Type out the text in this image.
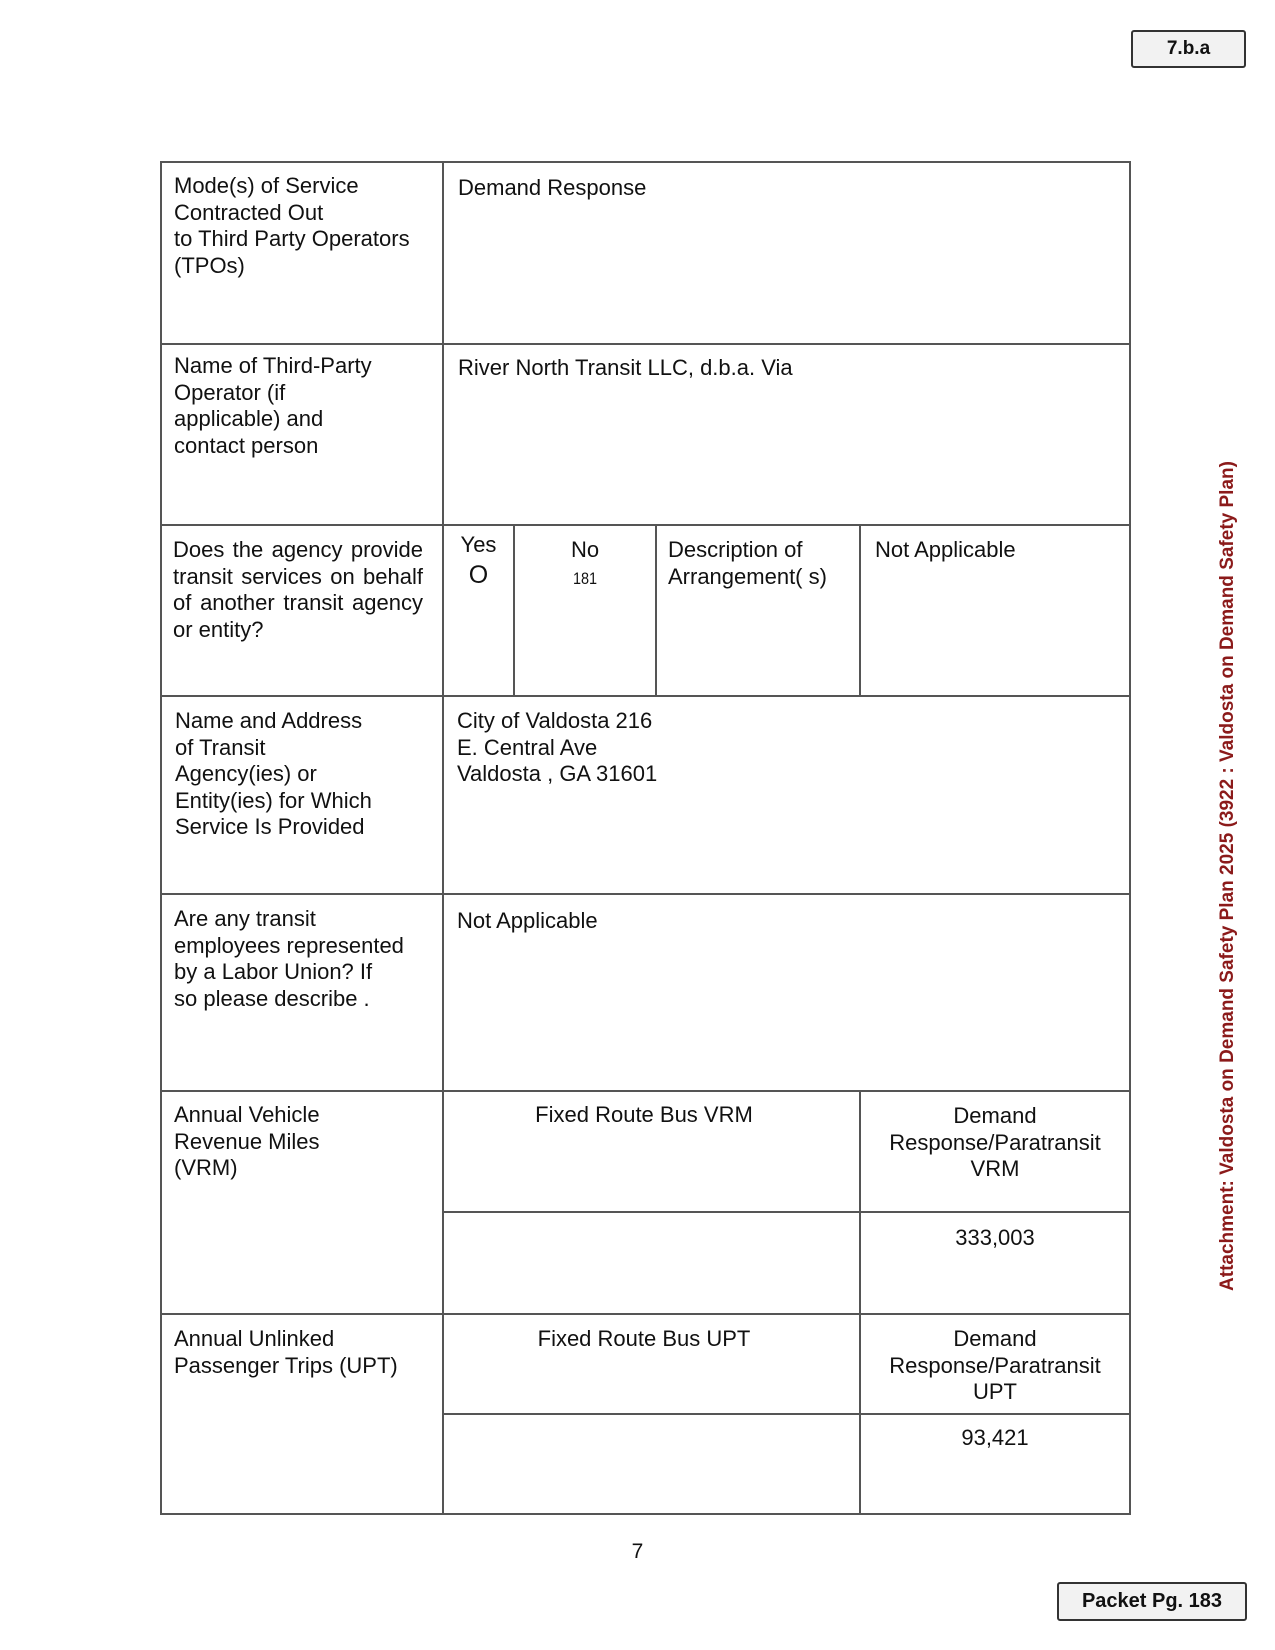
7.b.a
Attachment: Valdosta on Demand Safety Plan 2025 (3922 : Valdosta on Demand Safety Plan)
Mode(s) of Service
Contracted Out
to Third Party Operators
(TPOs)
Demand Response
Name of Third-Party
Operator (if
applicable) and
contact person
River North Transit LLC, d.b.a. Via
Does the agency provide transit services on behalf of another transit agency or entity?
Yes
O
No
181
Description of
Arrangement( s)
Not Applicable
Name and Address
of Transit
Agency(ies) or
Entity(ies) for Which
Service Is Provided
City of Valdosta 216
E. Central Ave
Valdosta , GA 31601
Are any transit
employees represented
by a Labor Union? If
so please describe .
Not Applicable
Annual Vehicle
Revenue Miles
(VRM)
Fixed Route Bus VRM	Demand
Response/Paratransit
VRM
333,003
Annual Unlinked
Passenger Trips (UPT)
Fixed Route Bus UPT	Demand
Response/Paratransit
UPT
93,421
7
Packet Pg. 183
